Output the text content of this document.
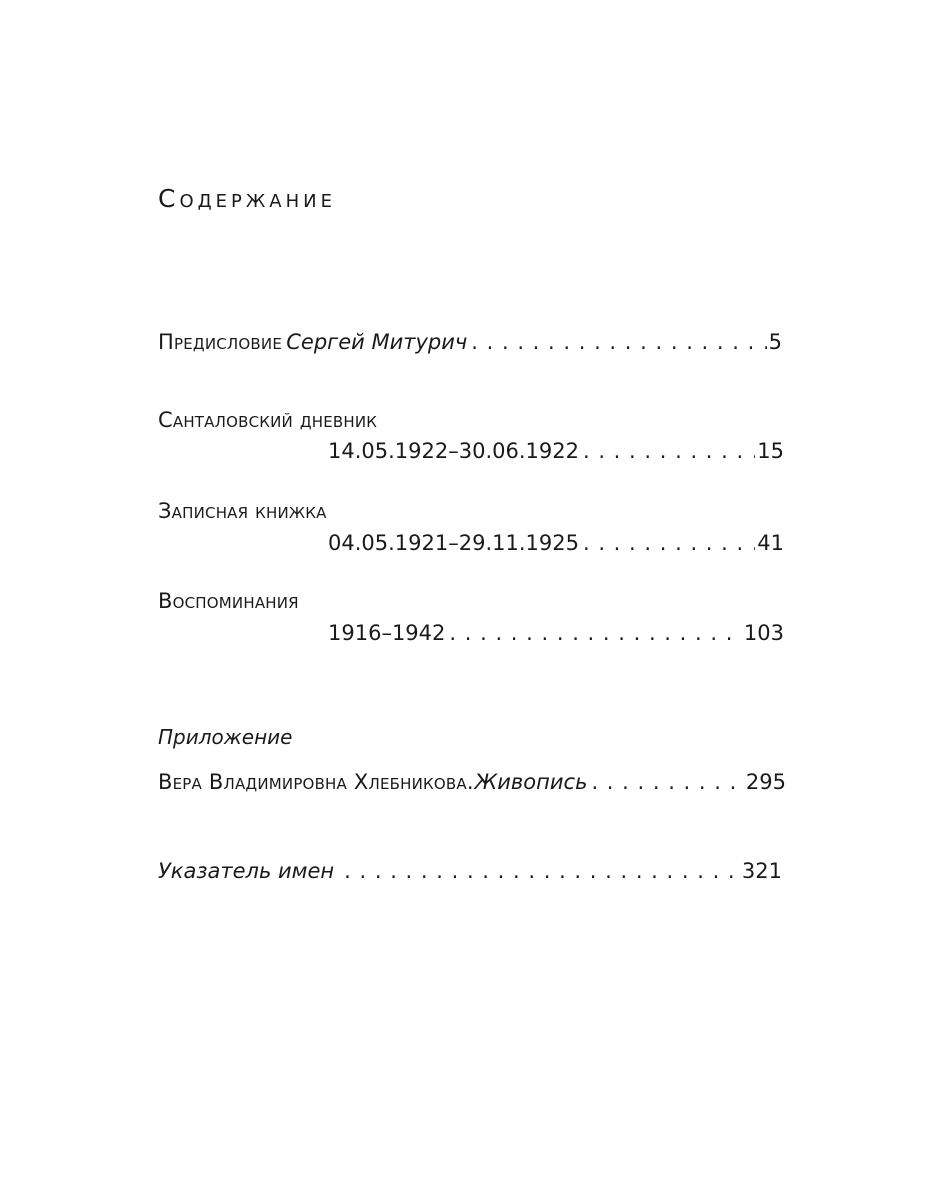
Содержание
Предисловие Сергей Митурич . . .	5
Санталовский дневник
14.05.1922–30.06.1922 . . .	15
Записная книжка
04.05.1921–29.11.1925 . . .	41
Воспоминания
1916–1942 . . .	103
Приложение
Вера Владимировна Хлебникова. Живопись . . .	295
Указатель имен . . .	321
